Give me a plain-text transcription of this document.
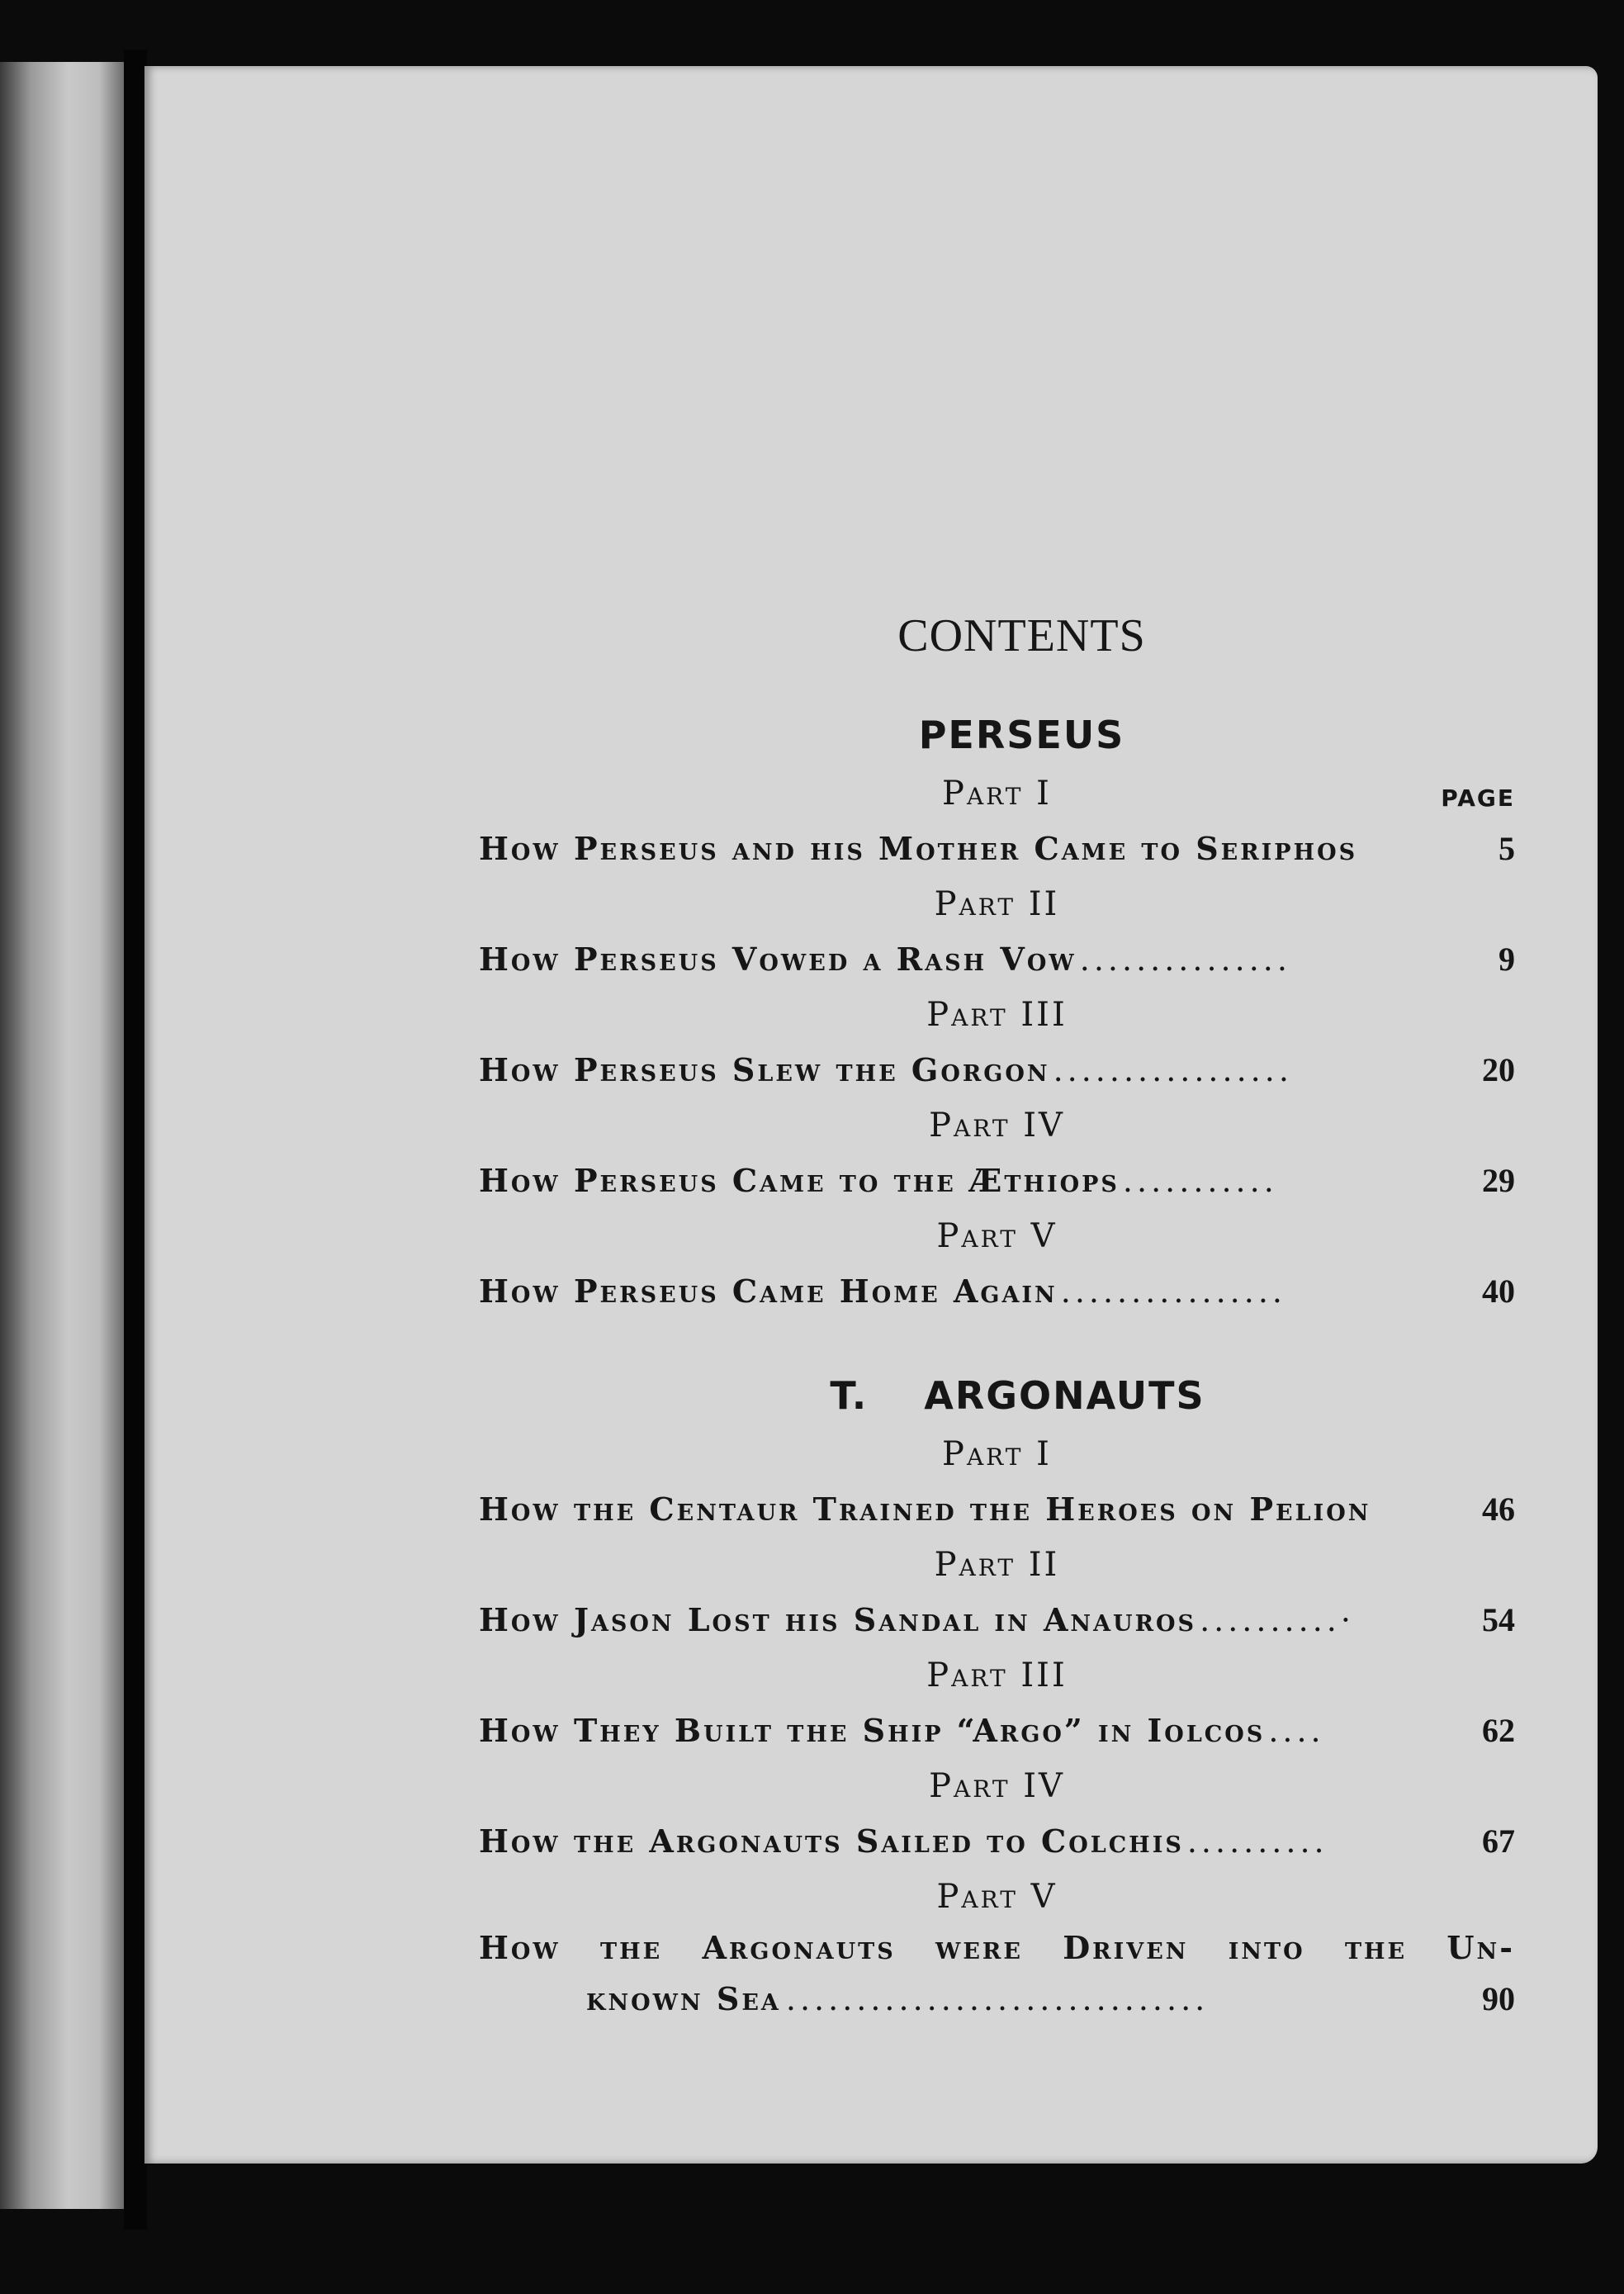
CONTENTS
PERSEUS
Part I	PAGE
How Perseus and his Mother Came to Seriphos	5
Part II
How Perseus Vowed a Rash Vow ...............	9
Part III
How Perseus Slew the Gorgon .................	20
Part IV
How Perseus Came to the Æthiops ...........	29
Part V
How Perseus Came Home Again ................	40
T. ARGONAUTS
Part I
How the Centaur Trained the Heroes on Pelion	46
Part II
How Jason Lost his Sandal in Anauros ..........·	54
Part III
How They Built the Ship “Argo” in Iolcos ....	62
Part IV
How the Argonauts Sailed to Colchis ..........	67
Part V
How the Argonauts were Driven into the Un-
known Sea ..............................	90
